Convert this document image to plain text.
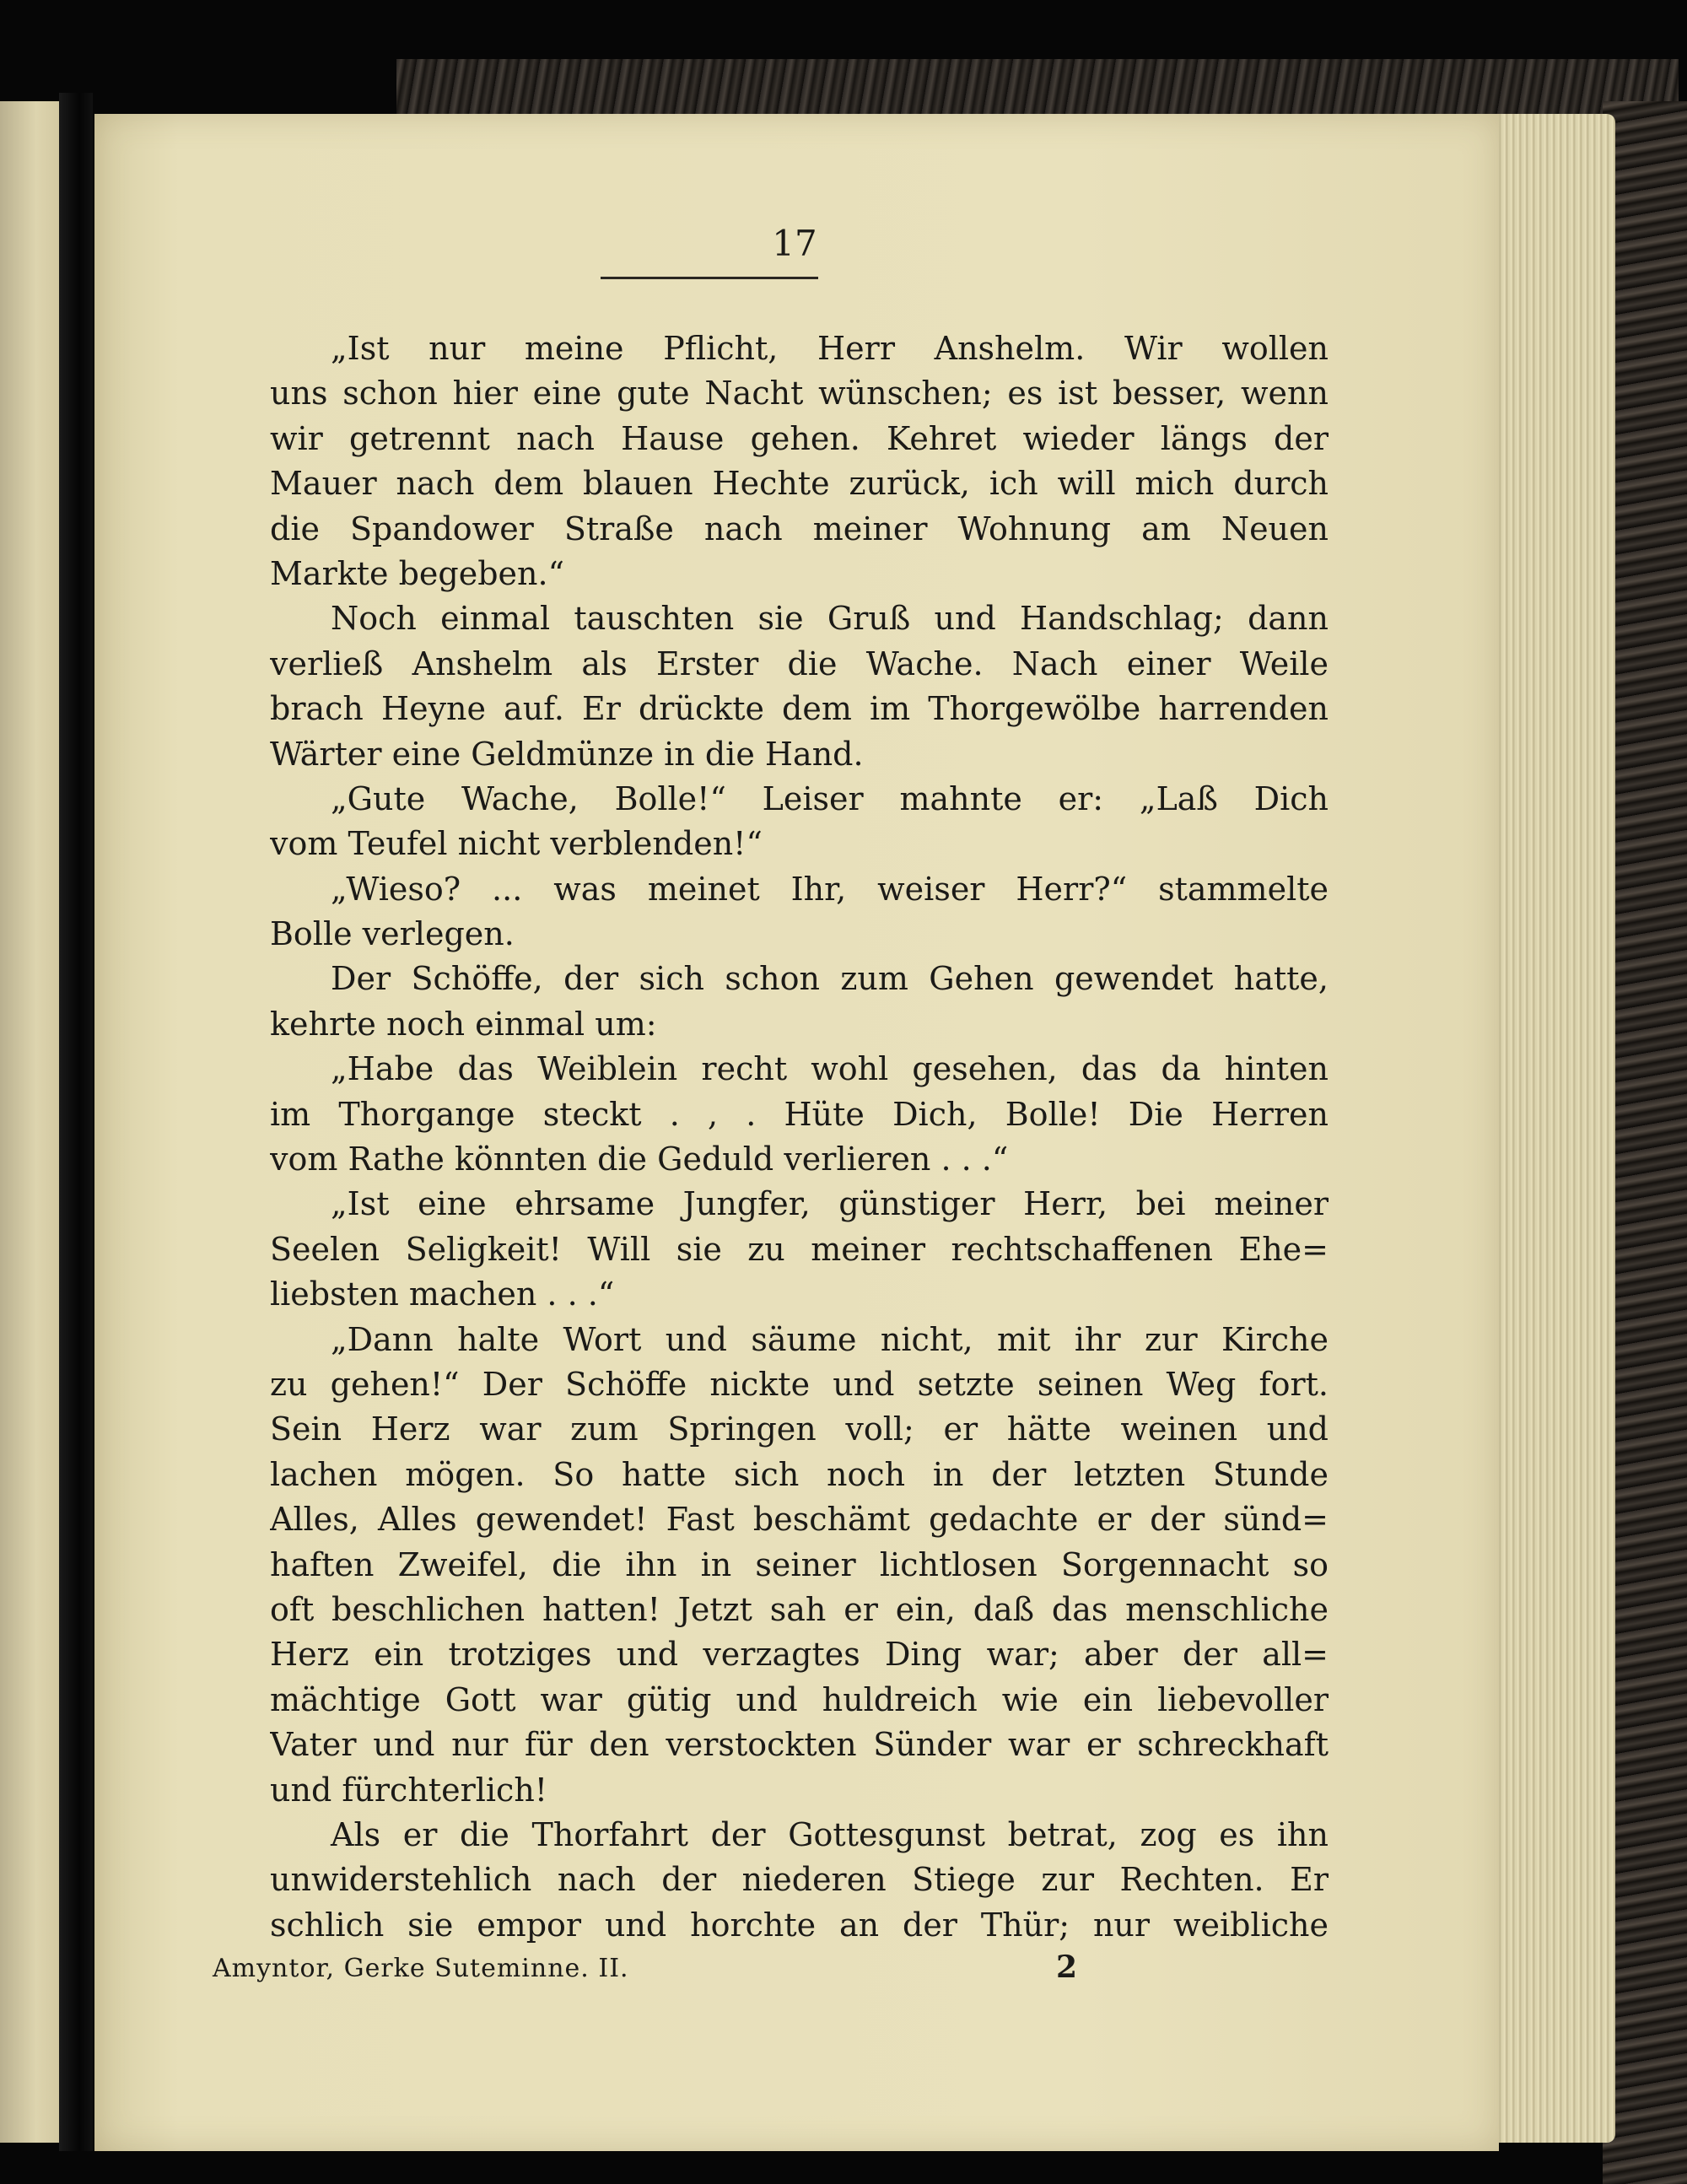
17
„Ist nur meine Pflicht, Herr Anshelm. Wir wollen
uns schon hier eine gute Nacht wünschen; es ist besser, wenn
wir getrennt nach Hause gehen. Kehret wieder längs der
Mauer nach dem blauen Hechte zurück, ich will mich durch
die Spandower Straße nach meiner Wohnung am Neuen
Markte begeben.“
Noch einmal tauschten sie Gruß und Handschlag; dann
verließ Anshelm als Erster die Wache. Nach einer Weile
brach Heyne auf. Er drückte dem im Thorgewölbe harrenden
Wärter eine Geldmünze in die Hand.
„Gute Wache, Bolle!“ Leiser mahnte er: „Laß Dich
vom Teufel nicht verblenden!“
„Wieso? ... was meinet Ihr, weiser Herr?“ stammelte
Bolle verlegen.
Der Schöffe, der sich schon zum Gehen gewendet hatte,
kehrte noch einmal um:
„Habe das Weiblein recht wohl gesehen, das da hinten
im Thorgange steckt . , . Hüte Dich, Bolle! Die Herren
vom Rathe könnten die Geduld verlieren . . .“
„Ist eine ehrsame Jungfer, günstiger Herr, bei meiner
Seelen Seligkeit! Will sie zu meiner rechtschaffenen Ehe=
liebsten machen . . .“
„Dann halte Wort und säume nicht, mit ihr zur Kirche
zu gehen!“ Der Schöffe nickte und setzte seinen Weg fort.
Sein Herz war zum Springen voll; er hätte weinen und
lachen mögen. So hatte sich noch in der letzten Stunde
Alles, Alles gewendet! Fast beschämt gedachte er der sünd=
haften Zweifel, die ihn in seiner lichtlosen Sorgennacht so
oft beschlichen hatten! Jetzt sah er ein, daß das menschliche
Herz ein trotziges und verzagtes Ding war; aber der all=
mächtige Gott war gütig und huldreich wie ein liebevoller
Vater und nur für den verstockten Sünder war er schreckhaft
und fürchterlich!
Als er die Thorfahrt der Gottesgunst betrat, zog es ihn
unwiderstehlich nach der niederen Stiege zur Rechten. Er
schlich sie empor und horchte an der Thür; nur weibliche
Amyntor, Gerke Suteminne. II.	2
